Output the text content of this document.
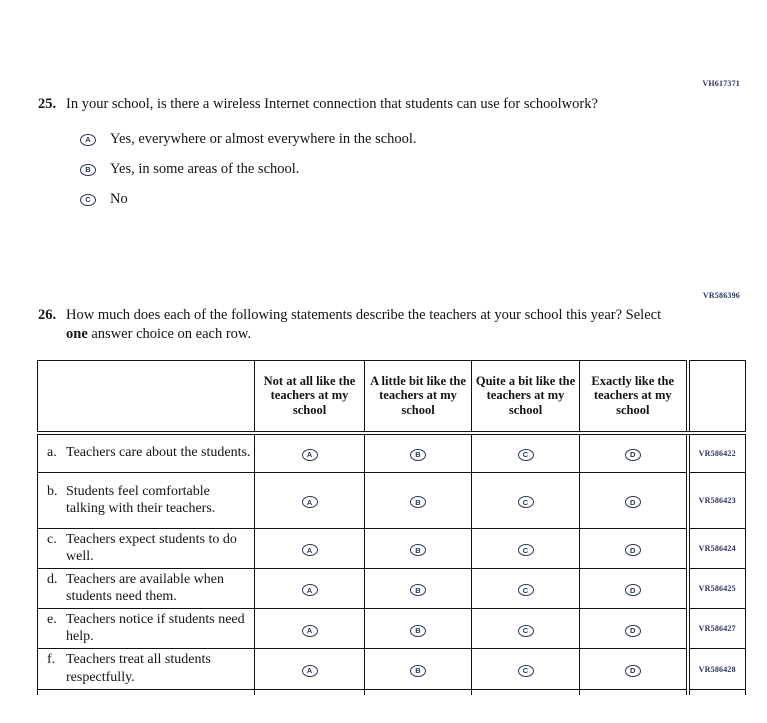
VH617371
25. In your school, is there a wireless Internet connection that students can use for schoolwork?
A	Yes, everywhere or almost everywhere in the school.
B	Yes, in some areas of the school.
C	No
VR586396
26. How much does each of the following statements describe the teachers at your school this year? Select one answer choice on each row.
	Not at all like the teachers at my school	A little bit like the teachers at my school	Quite a bit like the teachers at my school	Exactly like the teachers at my school	

a. Teachers care about the students.	A	B	C	D	VR586422

b. Students feel comfortable talking with their teachers.	A	B	C	D	VR586423

c. Teachers expect students to do well.	A	B	C	D	VR586424

d. Teachers are available when students need them.	A	B	C	D	VR586425

e. Teachers notice if students need help.	A	B	C	D	VR586427

f. Teachers treat all students respectfully.	A	B	C	D	VR586428
